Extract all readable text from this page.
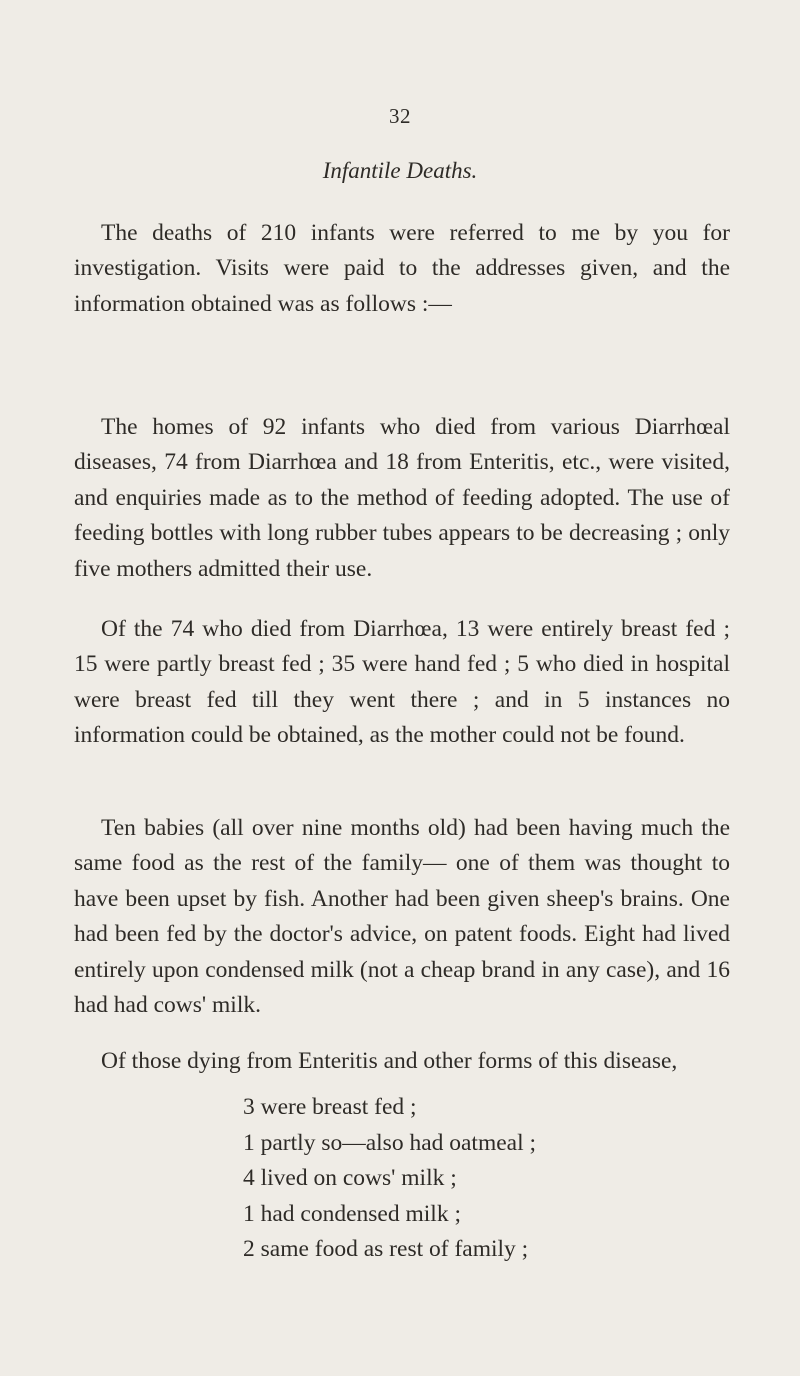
32
Infantile Deaths.

The deaths of 210 infants were referred to me by you for investigation. Visits were paid to the addresses given, and the information obtained was as follows :—

The homes of 92 infants who died from various Diarrhœal diseases, 74 from Diarrhœa and 18 from Enteritis, etc., were visited, and enquiries made as to the method of feeding adopted. The use of feeding bottles with long rubber tubes appears to be decreasing ; only five mothers admitted their use.

Of the 74 who died from Diarrhœa, 13 were entirely breast fed ; 15 were partly breast fed ; 35 were hand fed ; 5 who died in hospital were breast fed till they went there ; and in 5 instances no information could be obtained, as the mother could not be found.

Ten babies (all over nine months old) had been having much the same food as the rest of the family— one of them was thought to have been upset by fish. Another had been given sheep's brains. One had been fed by the doctor's advice, on patent foods. Eight had lived entirely upon condensed milk (not a cheap brand in any case), and 16 had had cows' milk.

Of those dying from Enteritis and other forms of this disease,

3 were breast fed ;
1 partly so—also had oatmeal ;
4 lived on cows' milk ;
1 had condensed milk ;
2 same food as rest of family ;
